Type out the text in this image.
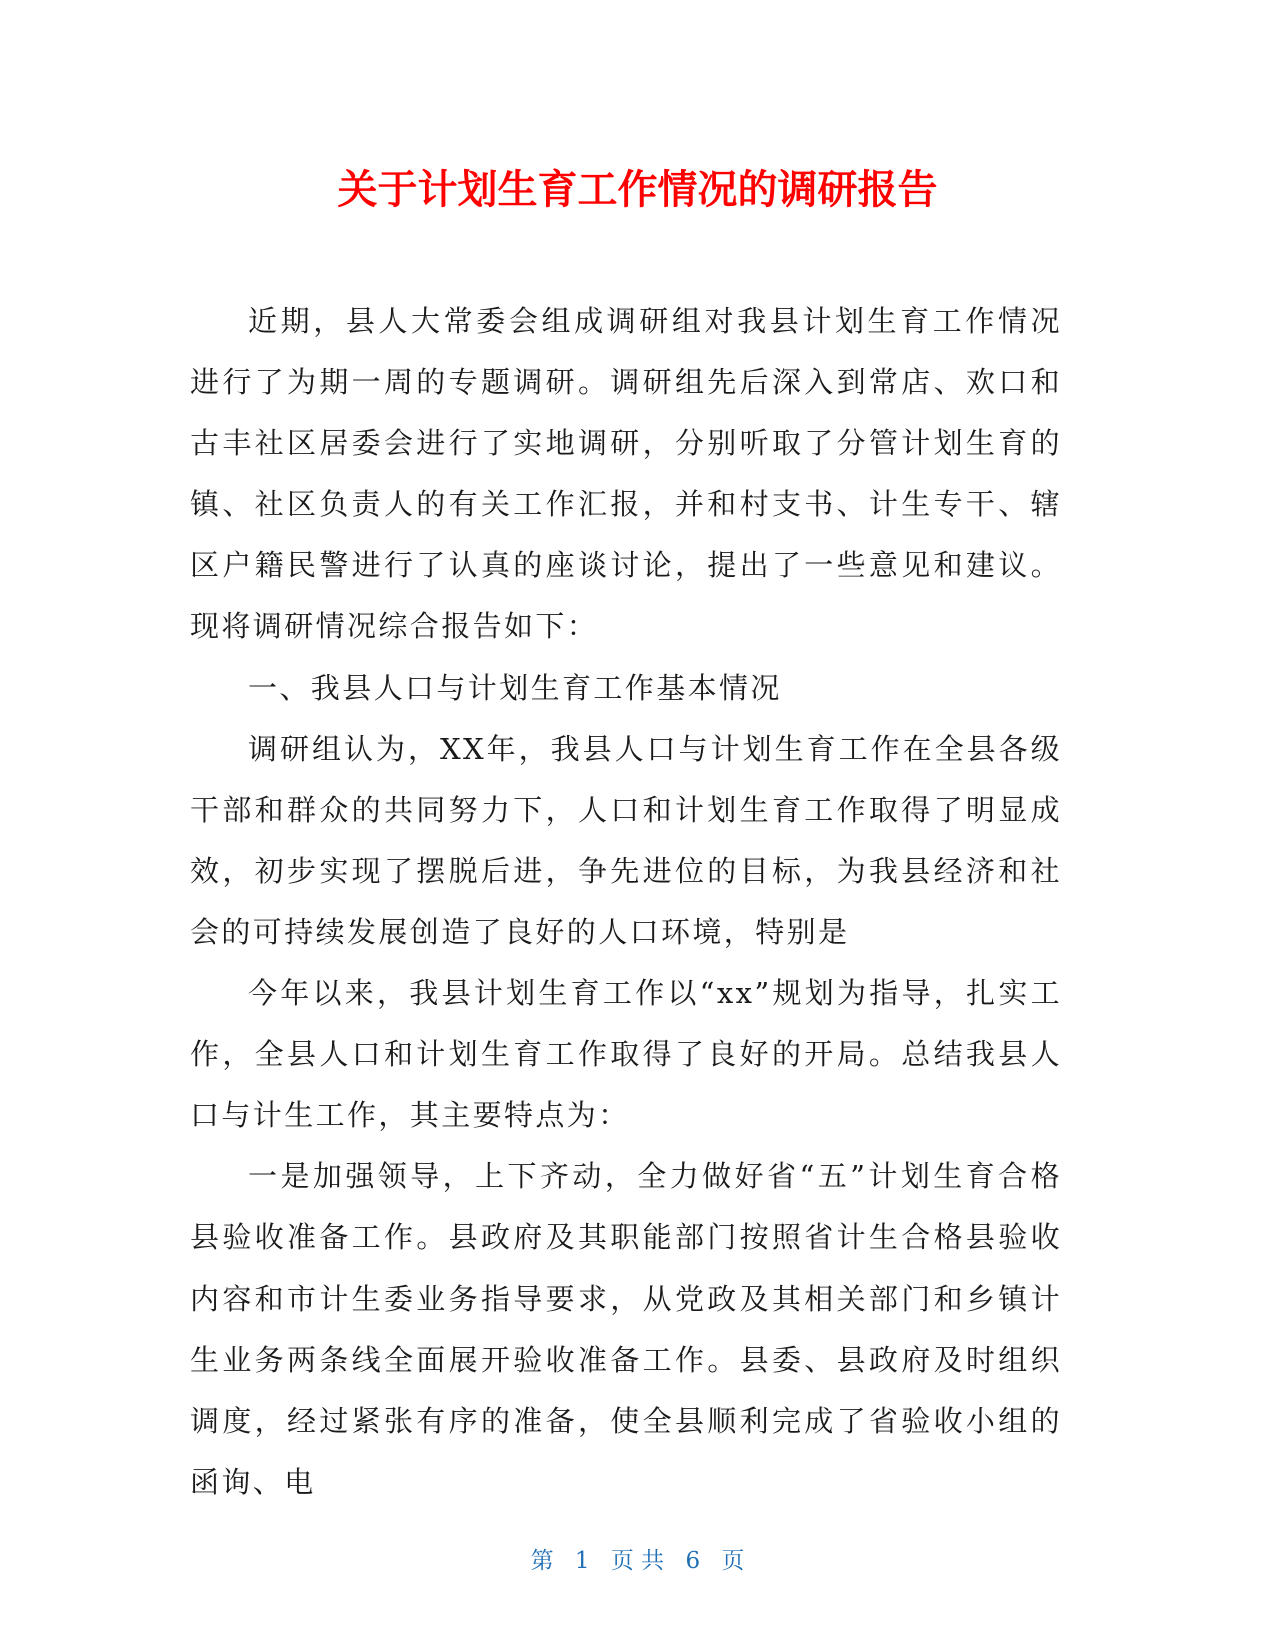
关于计划生育工作情况的调研报告

近期，县人大常委会组成调研组对我县计划生育工作情况进行了为期一周的专题调研。调研组先后深入到常店、欢口和古丰社区居委会进行了实地调研，分别听取了分管计划生育的镇、社区负责人的有关工作汇报，并和村支书、计生专干、辖区户籍民警进行了认真的座谈讨论，提出了一些意见和建议。现将调研情况综合报告如下：

一、我县人口与计划生育工作基本情况

调研组认为，XX年，我县人口与计划生育工作在全县各级干部和群众的共同努力下，人口和计划生育工作取得了明显成效，初步实现了摆脱后进，争先进位的目标，为我县经济和社会的可持续发展创造了良好的人口环境，特别是

今年以来，我县计划生育工作以“xx”规划为指导，扎实工作，全县人口和计划生育工作取得了良好的开局。总结我县人口与计生工作，其主要特点为：

一是加强领导，上下齐动，全力做好省“五”计划生育合格县验收准备工作。县政府及其职能部门按照省计生合格县验收内容和市计生委业务指导要求，从党政及其相关部门和乡镇计生业务两条线全面展开验收准备工作。县委、县政府及时组织调度，经过紧张有序的准备，使全县顺利完成了省验收小组的函询、电

第 1 页 共 6 页
